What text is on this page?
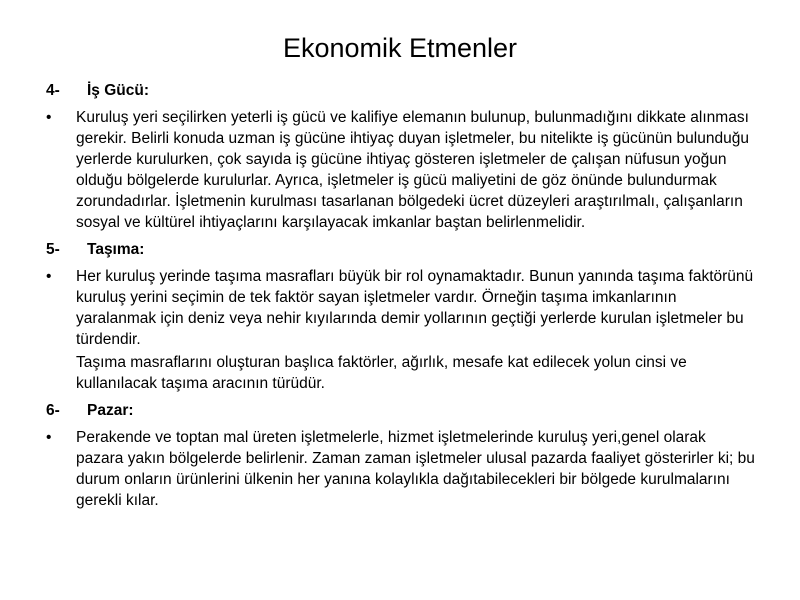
Ekonomik Etmenler
4-	İş Gücü:
•	Kuruluş yeri seçilirken yeterli iş gücü ve kalifiye elemanın bulunup, bulunmadığını dikkate alınması gerekir. Belirli konuda uzman iş gücüne ihtiyaç duyan işletmeler, bu nitelikte iş gücünün bulunduğu yerlerde kurulurken, çok sayıda iş gücüne ihtiyaç gösteren işletmeler de çalışan nüfusun yoğun olduğu bölgelerde kurulurlar. Ayrıca, işletmeler iş gücü maliyetini de göz önünde bulundurmak zorundadırlar. İşletmenin kurulması tasarlanan bölgedeki ücret düzeyleri araştırılmalı, çalışanların sosyal ve kültürel ihtiyaçlarını karşılayacak imkanlar baştan belirlenmelidir.
5-	Taşıma:
•	Her kuruluş yerinde taşıma masrafları büyük bir rol oynamaktadır. Bunun yanında taşıma faktörünü kuruluş yerini seçimin de tek faktör sayan işletmeler vardır. Örneğin taşıma imkanlarının yaralanmak için deniz veya nehir kıyılarında demir yollarının geçtiği yerlerde kurulan işletmeler bu türdendir.
Taşıma masraflarını oluşturan başlıca faktörler, ağırlık, mesafe kat edilecek yolun cinsi ve kullanılacak taşıma aracının türüdür.
6-	Pazar:
•	Perakende ve toptan mal üreten işletmelerle, hizmet işletmelerinde kuruluş yeri,genel olarak pazara yakın bölgelerde belirlenir. Zaman zaman işletmeler ulusal pazarda faaliyet gösterirler ki; bu durum onların ürünlerini ülkenin her yanına kolaylıkla dağıtabilecekleri bir bölgede kurulmalarını gerekli kılar.
